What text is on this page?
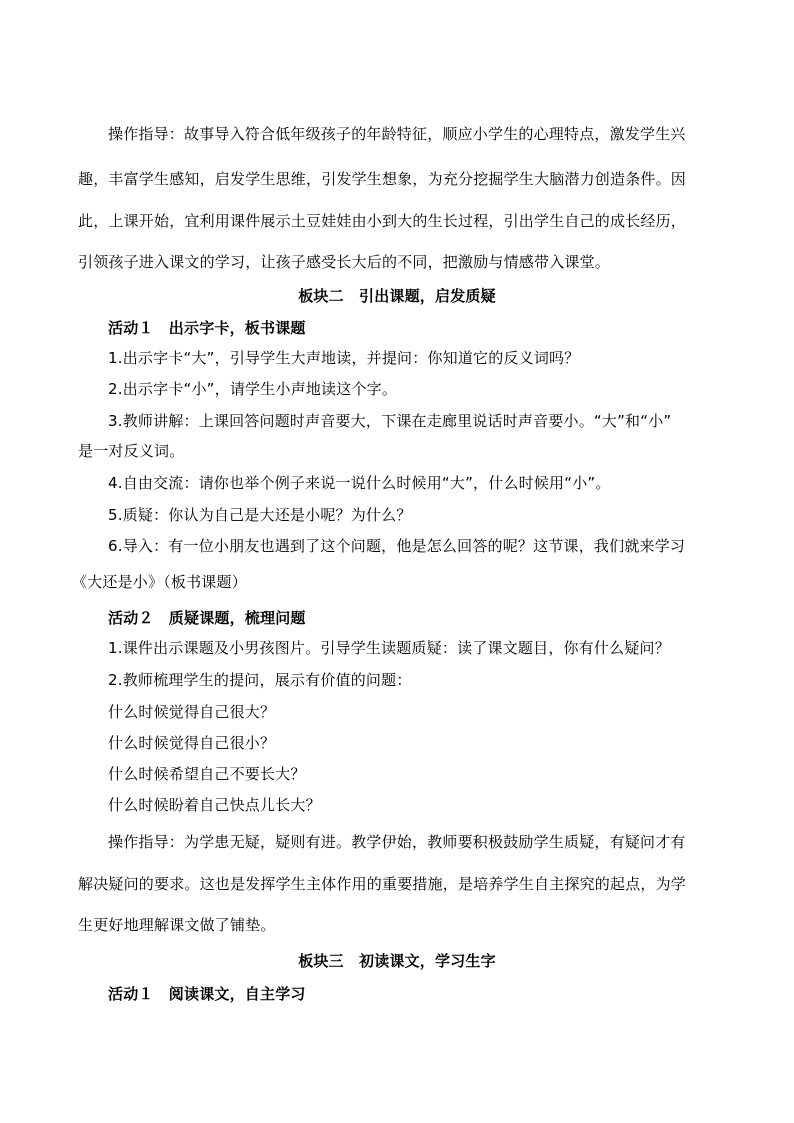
操作指导：故事导入符合低年级孩子的年龄特征，顺应小学生的心理特点，激发学生兴
趣，丰富学生感知，启发学生思维，引发学生想象，为充分挖掘学生大脑潜力创造条件。因
此，上课开始，宜利用课件展示土豆娃娃由小到大的生长过程，引出学生自己的成长经历，
引领孩子进入课文的学习，让孩子感受长大后的不同，把激励与情感带入课堂。
板块二　引出课题，启发质疑
活动１　出示字卡，板书课题
1.出示字卡“大”，引导学生大声地读，并提问：你知道它的反义词吗？
2.出示字卡“小”，请学生小声地读这个字。
3.教师讲解：上课回答问题时声音要大，下课在走廊里说话时声音要小。“大”和“小”
是一对反义词。
4.自由交流：请你也举个例子来说一说什么时候用“大”，什么时候用“小”。
5.质疑：你认为自己是大还是小呢？为什么？
6.导入：有一位小朋友也遇到了这个问题，他是怎么回答的呢？这节课，我们就来学习
《大还是小》（板书课题）
活动２　质疑课题，梳理问题
1.课件出示课题及小男孩图片。引导学生读题质疑：读了课文题目，你有什么疑问？
2.教师梳理学生的提问，展示有价值的问题：
什么时候觉得自己很大？
什么时候觉得自己很小？
什么时候希望自己不要长大？
什么时候盼着自己快点儿长大？
操作指导：为学患无疑，疑则有进。教学伊始，教师要积极鼓励学生质疑，有疑问才有
解决疑问的要求。这也是发挥学生主体作用的重要措施，是培养学生自主探究的起点，为学
生更好地理解课文做了铺垫。
板块三　初读课文，学习生字
活动１　阅读课文，自主学习
